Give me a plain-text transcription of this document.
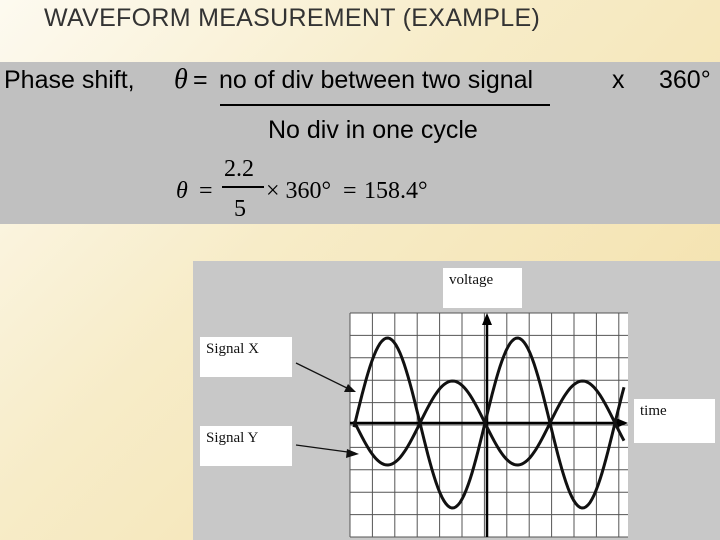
WAVEFORM MEASUREMENT (EXAMPLE)
Phase shift, θ = no of div between two signal	x 360°
No div in one cycle
θ =
2.2
5
× 360° = 158.4°
voltage
Signal X
Signal Y
time
